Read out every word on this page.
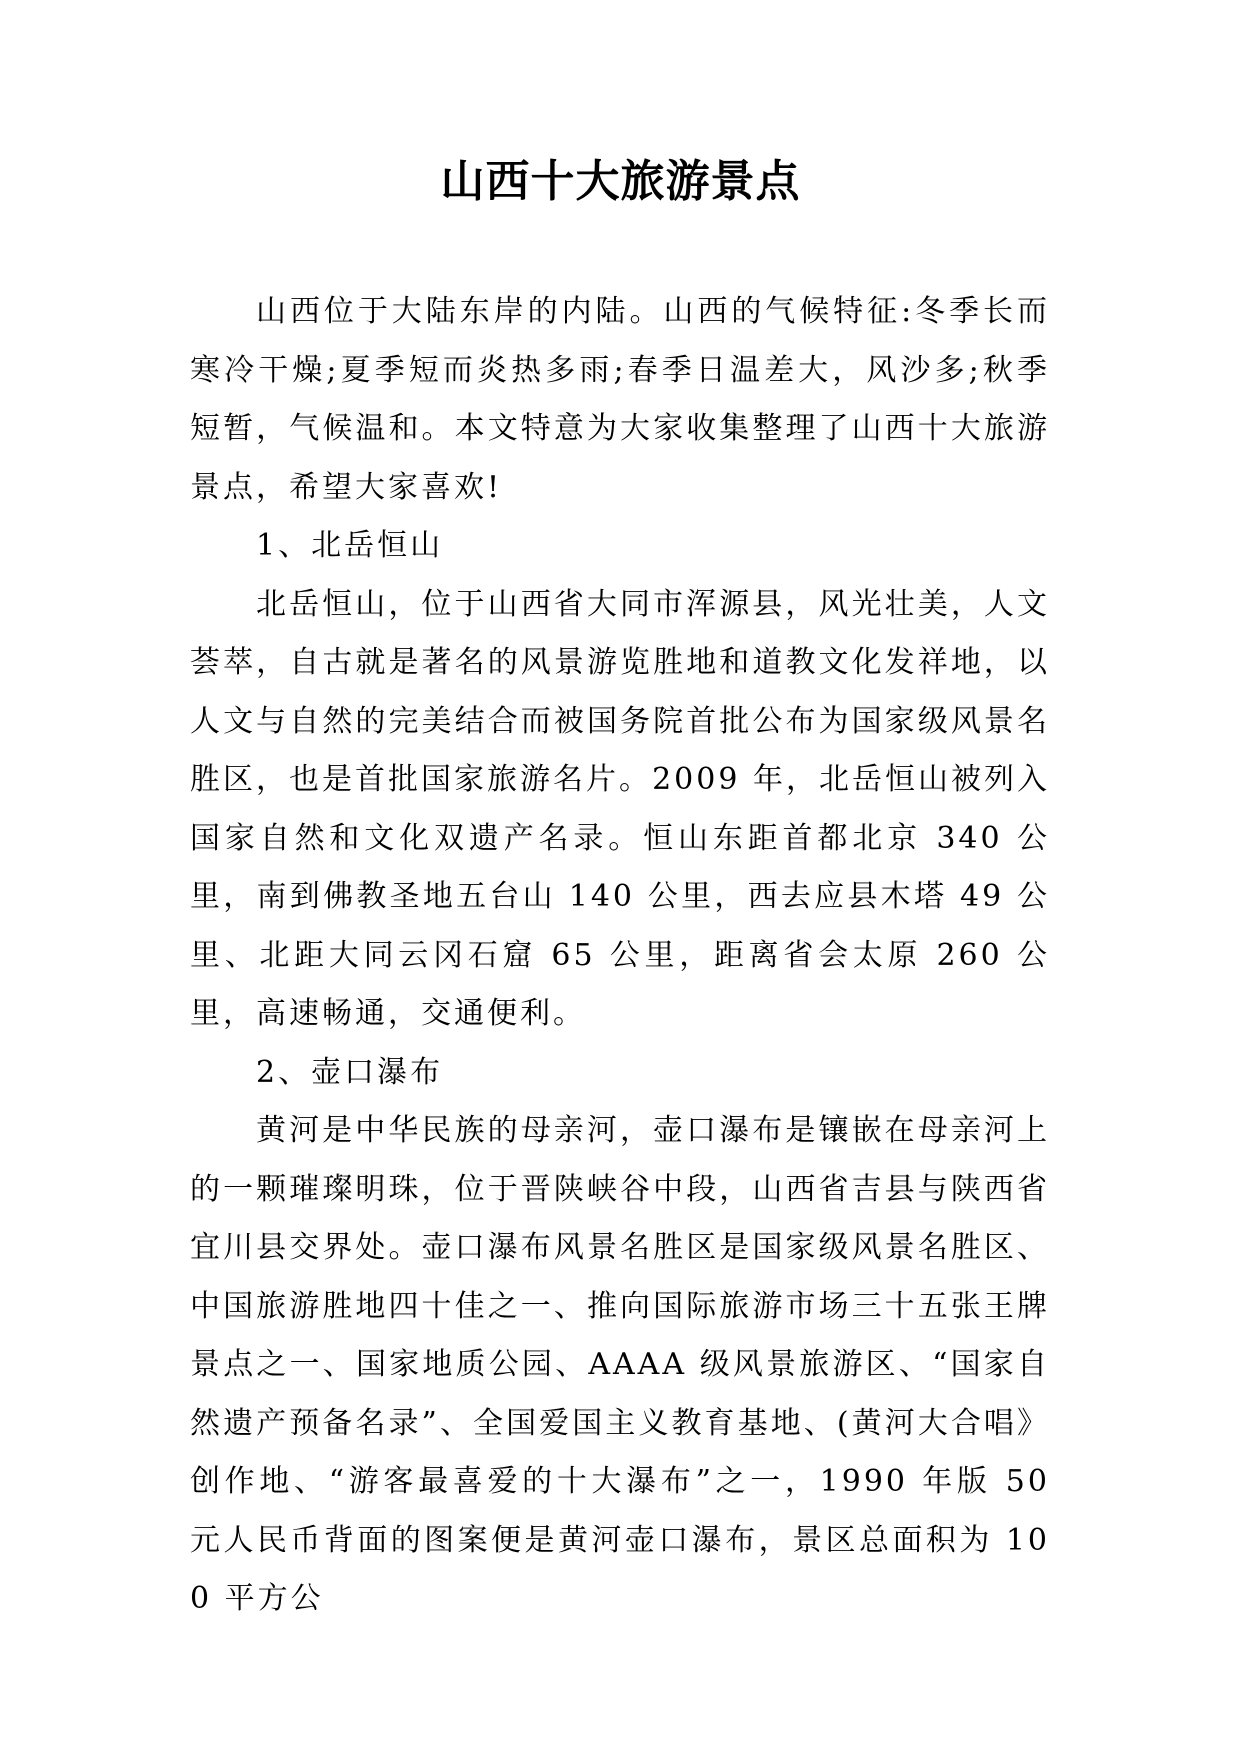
山西十大旅游景点

山西位于大陆东岸的内陆。山西的气候特征:冬季长而寒冷干燥;夏季短而炎热多雨;春季日温差大，风沙多;秋季短暂，气候温和。本文特意为大家收集整理了山西十大旅游景点，希望大家喜欢!

1、北岳恒山

北岳恒山，位于山西省大同市浑源县，风光壮美，人文荟萃，自古就是著名的风景游览胜地和道教文化发祥地，以人文与自然的完美结合而被国务院首批公布为国家级风景名胜区，也是首批国家旅游名片。2009 年，北岳恒山被列入国家自然和文化双遗产名录。恒山东距首都北京 340 公里，南到佛教圣地五台山 140 公里，西去应县木塔 49 公里、北距大同云冈石窟 65 公里，距离省会太原 260 公里，高速畅通，交通便利。

2、壶口瀑布

黄河是中华民族的母亲河，壶口瀑布是镶嵌在母亲河上的一颗璀璨明珠，位于晋陕峡谷中段，山西省吉县与陕西省宜川县交界处。壶口瀑布风景名胜区是国家级风景名胜区、中国旅游胜地四十佳之一、推向国际旅游市场三十五张王牌景点之一、国家地质公园、AAAA 级风景旅游区、“国家自然遗产预备名录”、全国爱国主义教育基地、(黄河大合唱》创作地、“游客最喜爱的十大瀑布”之一，1990 年版 50 元人民币背面的图案便是黄河壶口瀑布，景区总面积为 100 平方公
